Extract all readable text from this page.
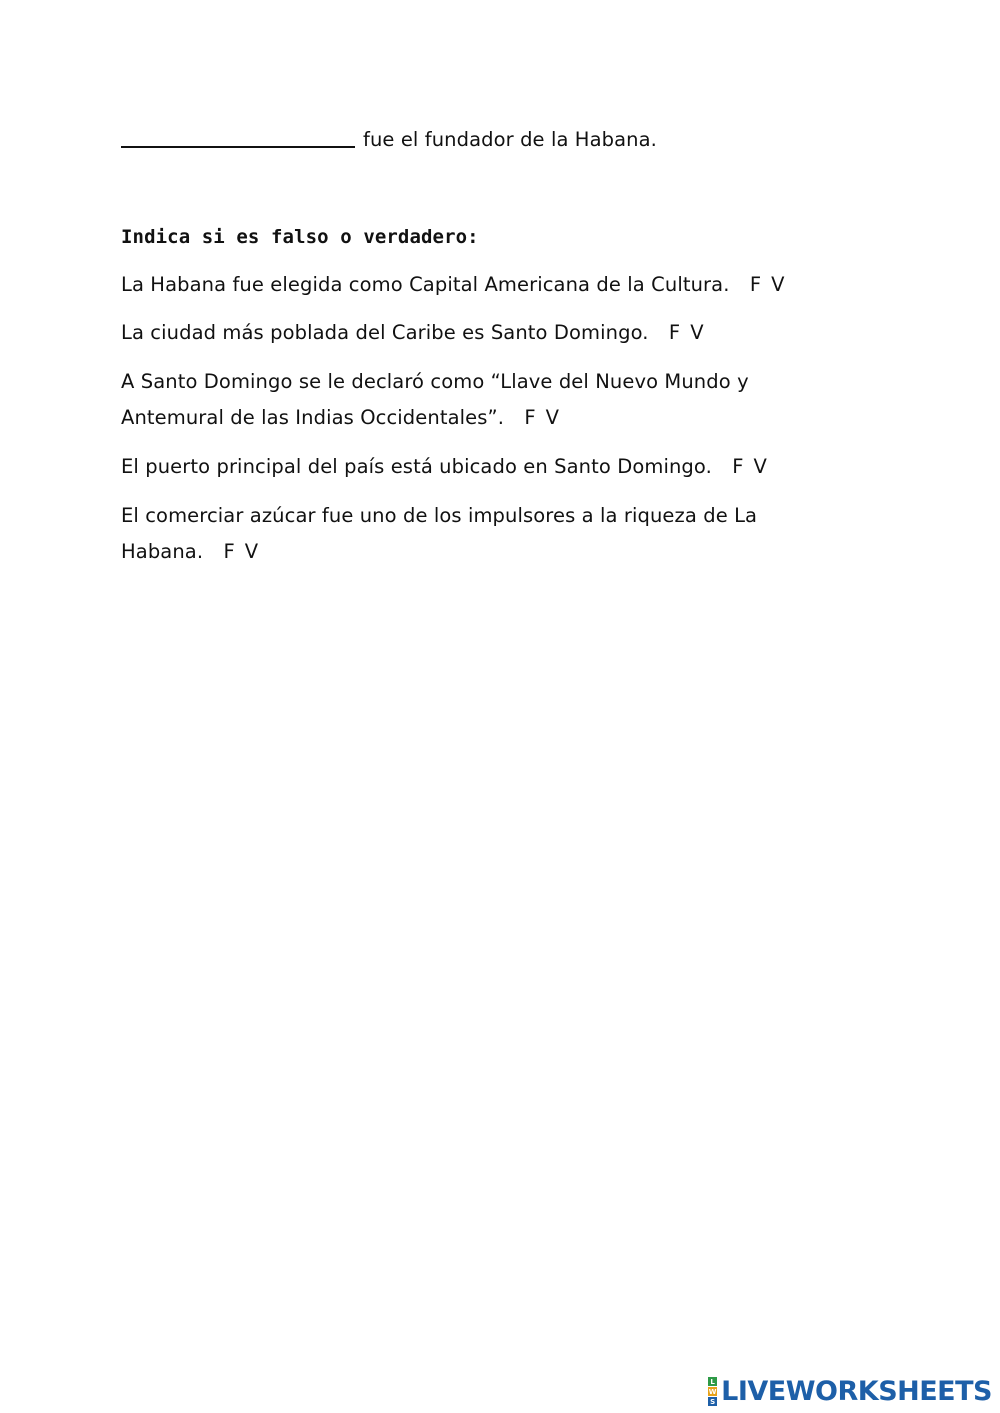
fue el fundador de la Habana.
Indica si es falso o verdadero:
La Habana fue elegida como Capital Americana de la Cultura. F V
La ciudad más poblada del Caribe es Santo Domingo. F V
A Santo Domingo se le declaró como “Llave del Nuevo Mundo y
Antemural de las Indias Occidentales”. F V
El puerto principal del país está ubicado en Santo Domingo. F V
El comerciar azúcar fue uno de los impulsores a la riqueza de La
Habana. F V
L
W
S LIVEWORKSHEETS
